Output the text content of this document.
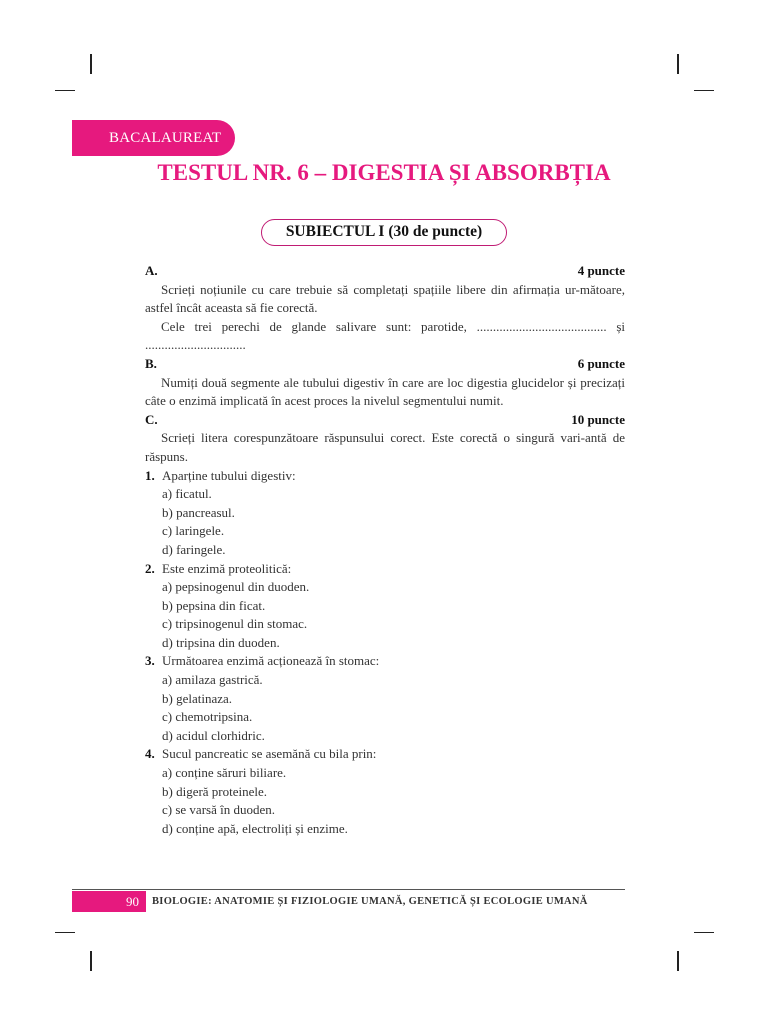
BACALAUREAT
TESTUL NR. 6 – DIGESTIA ȘI ABSORBȚIA
SUBIECTUL I (30 de puncte)
A.	4 puncte
Scrieți noțiunile cu care trebuie să completați spațiile libere din afirmația ur-mătoare, astfel încât aceasta să fie corectă.
Cele trei perechi de glande salivare sunt: parotide, ........................................ și ...............................
B.	6 puncte
Numiți două segmente ale tubului digestiv în care are loc digestia glucidelor și precizați câte o enzimă implicată în acest proces la nivelul segmentului numit.
C.	10 puncte
Scrieți litera corespunzătoare răspunsului corect. Este corectă o singură vari-antă de răspuns.
1. Aparține tubului digestiv:
a) ficatul.
b) pancreasul.
c) laringele.
d) faringele.
2. Este enzimă proteolitică:
a) pepsinogenul din duoden.
b) pepsina din ficat.
c) tripsinogenul din stomac.
d) tripsina din duoden.
3. Următoarea enzimă acționează în stomac:
a) amilaza gastrică.
b) gelatinaza.
c) chemotripsina.
d) acidul clorhidric.
4. Sucul pancreatic se asemănă cu bila prin:
a) conține săruri biliare.
b) digeră proteinele.
c) se varsă în duoden.
d) conține apă, electroliți și enzime.
90	BIOLOGIE: ANATOMIE ȘI FIZIOLOGIE UMANĂ, GENETICĂ ȘI ECOLOGIE UMANĂ
